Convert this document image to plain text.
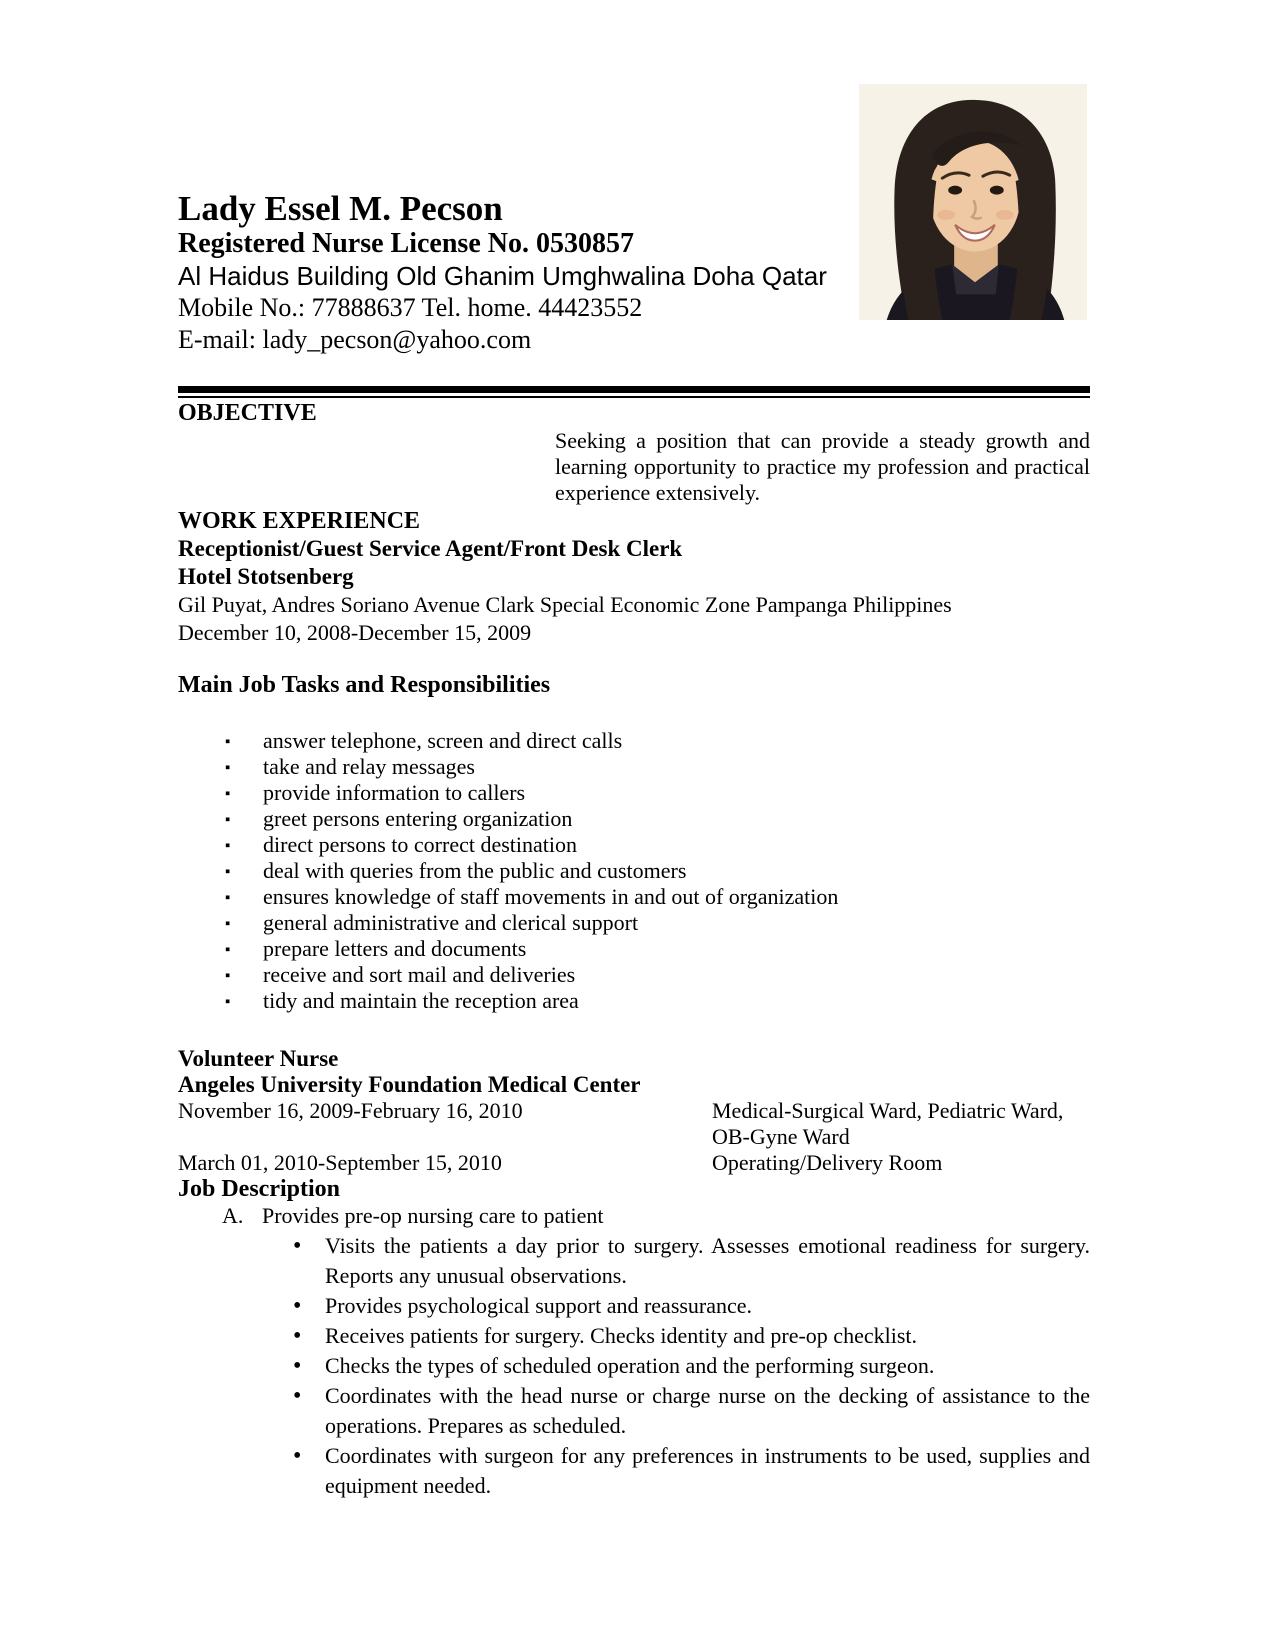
Lady Essel M. Pecson
Registered Nurse License No. 0530857
Al Haidus Building Old Ghanim Umghwalina Doha Qatar
Mobile No.: 77888637 Tel. home. 44423552
E-mail: lady_pecson@yahoo.com
OBJECTIVE

Seeking a position that can provide a steady growth and learning opportunity to practice my profession and practical experience extensively.

WORK EXPERIENCE
Receptionist/Guest Service Agent/Front Desk Clerk
Hotel Stotsenberg
Gil Puyat, Andres Soriano Avenue Clark Special Economic Zone Pampanga Philippines
December 10, 2008-December 15, 2009
Main Job Tasks and Responsibilities
▪ answer telephone, screen and direct calls
▪ take and relay messages
▪ provide information to callers
▪ greet persons entering organization
▪ direct persons to correct destination
▪ deal with queries from the public and customers
▪ ensures knowledge of staff movements in and out of organization
▪ general administrative and clerical support
▪ prepare letters and documents
▪ receive and sort mail and deliveries
▪ tidy and maintain the reception area
Volunteer Nurse
Angeles University Foundation Medical Center
November 16, 2009-February 16, 2010	Medical-Surgical Ward, Pediatric Ward, OB-Gyne Ward
March 01, 2010-September 15, 2010	Operating/Delivery Room
Job Description
A. Provides pre-op nursing care to patient
• Visits the patients a day prior to surgery. Assesses emotional readiness for surgery. Reports any unusual observations.
• Provides psychological support and reassurance.
• Receives patients for surgery. Checks identity and pre-op checklist.
• Checks the types of scheduled operation and the performing surgeon.
• Coordinates with the head nurse or charge nurse on the decking of assistance to the operations. Prepares as scheduled.
• Coordinates with surgeon for any preferences in instruments to be used, supplies and equipment needed.
